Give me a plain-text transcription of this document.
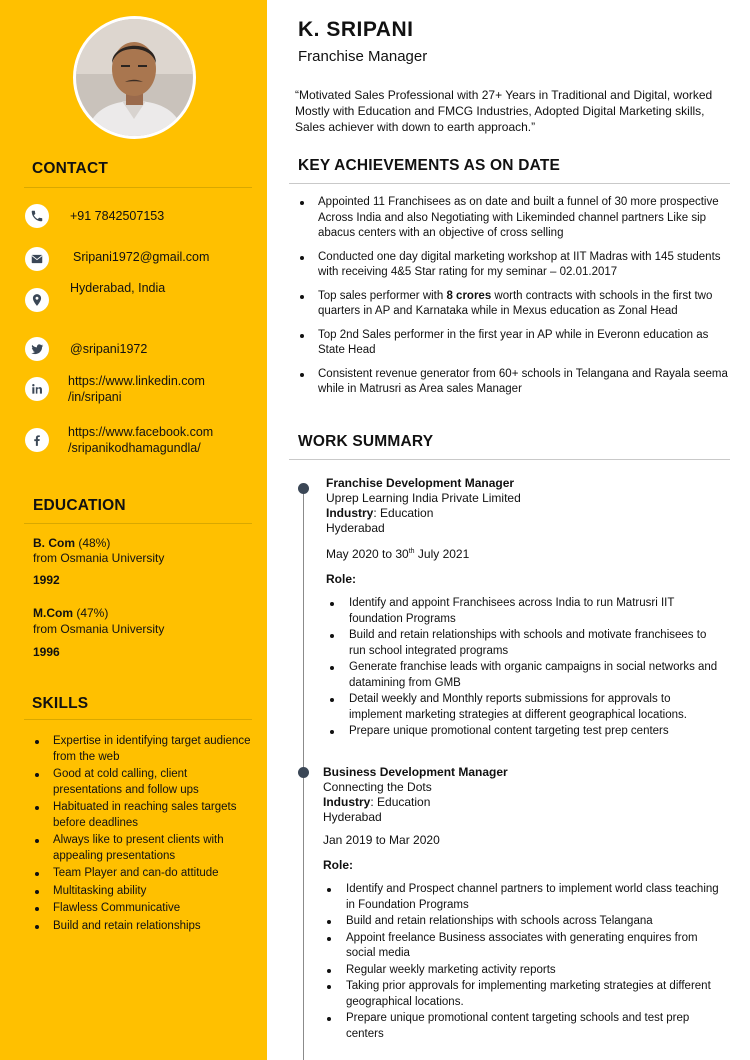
CONTACT
+91 7842507153
Sripani1972@gmail.com
Hyderabad, India
@sripani1972
https://www.linkedin.com
/in/sripani
https://www.facebook.com
/sripanikodhamagundla/
EDUCATION
B. Com (48%)
from Osmania University
1992
M.Com (47%)
from Osmania University
1996
SKILLS
Expertise in identifying target audience from the web
Good at cold calling, client presentations and follow ups
Habituated in reaching sales targets before deadlines
Always like to present clients with appealing presentations
Team Player and can-do attitude
Multitasking ability
Flawless Communicative
Build and retain relationships
K. SRIPANI
Franchise Manager
“Motivated Sales Professional with 27+ Years in Traditional and Digital, worked Mostly with Education and FMCG Industries, Adopted Digital Marketing skills, Sales achiever with down to earth approach.”
KEY ACHIEVEMENTS AS ON DATE
Appointed 11 Franchisees as on date and built a funnel of 30 more prospective Across India and also Negotiating with Likeminded channel partners Like sip abacus centers with an objective of cross selling
Conducted one day digital marketing workshop at IIT Madras with 145 students with receiving 4&5 Star rating for my seminar – 02.01.2017
Top sales performer with 8 crores worth contracts with schools in the first two quarters in AP and Karnataka while in Mexus education as Zonal Head
Top 2nd Sales performer in the first year in AP while in Everonn education as State Head
Consistent revenue generator from 60+ schools in Telangana and Rayala seema while in Matrusri as Area sales Manager
WORK SUMMARY
Franchise Development Manager
Uprep Learning India Private Limited
Industry: Education
Hyderabad
May 2020 to 30th July 2021
Role:
Identify and appoint Franchisees across India to run Matrusri IIT foundation Programs
Build and retain relationships with schools and motivate franchisees to run school integrated programs
Generate franchise leads with organic campaigns in social networks and datamining from GMB
Detail weekly and Monthly reports submissions for approvals to implement marketing strategies at different geographical locations.
Prepare unique promotional content targeting test prep centers
Business Development Manager
Connecting the Dots
Industry: Education
Hyderabad
Jan 2019 to Mar 2020
Role:
Identify and Prospect channel partners to implement world class teaching in Foundation Programs
Build and retain relationships with schools across Telangana
Appoint freelance Business associates with generating enquires from social media
Regular weekly marketing activity reports
Taking prior approvals for implementing marketing strategies at different geographical locations.
Prepare unique promotional content targeting schools and test prep centers
